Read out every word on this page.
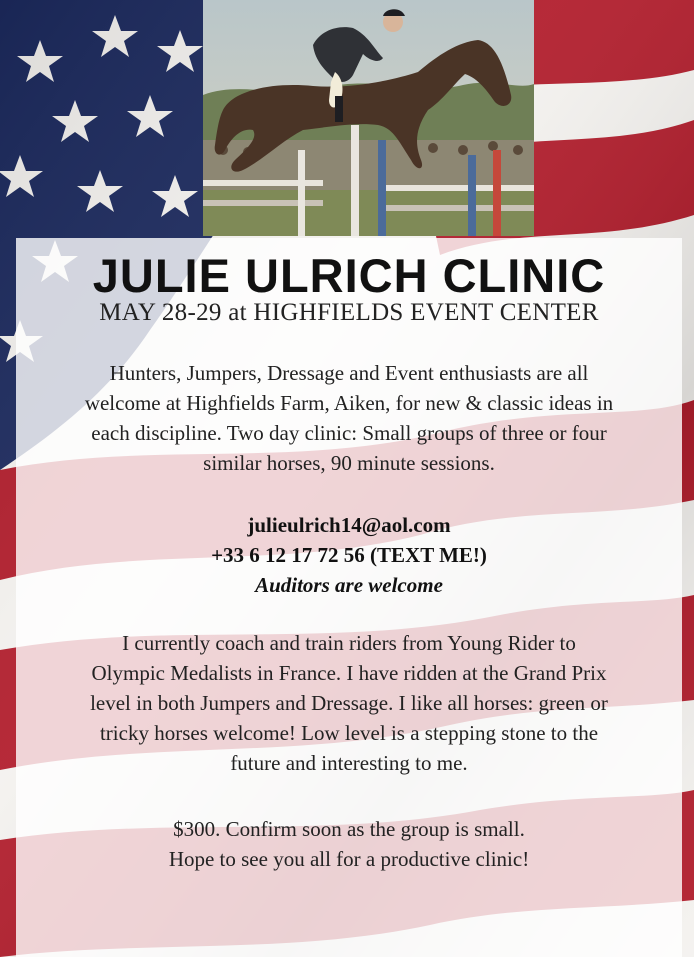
JULIE ULRICH CLINIC
MAY 28-29 at HIGHFIELDS EVENT CENTER

Hunters, Jumpers, Dressage and Event enthusiasts are all
welcome at Highfields Farm, Aiken, for new & classic ideas in
each discipline. Two day clinic: Small groups of three or four
similar horses, 90 minute sessions.

julieulrich14@aol.com
+33 6 12 17 72 56 (TEXT ME!)
Auditors are welcome

I currently coach and train riders from Young Rider to
Olympic Medalists in France. I have ridden at the Grand Prix
level in both Jumpers and Dressage. I like all horses: green or
tricky horses welcome! Low level is a stepping stone to the
future and interesting to me.

$300. Confirm soon as the group is small.
Hope to see you all for a productive clinic!
